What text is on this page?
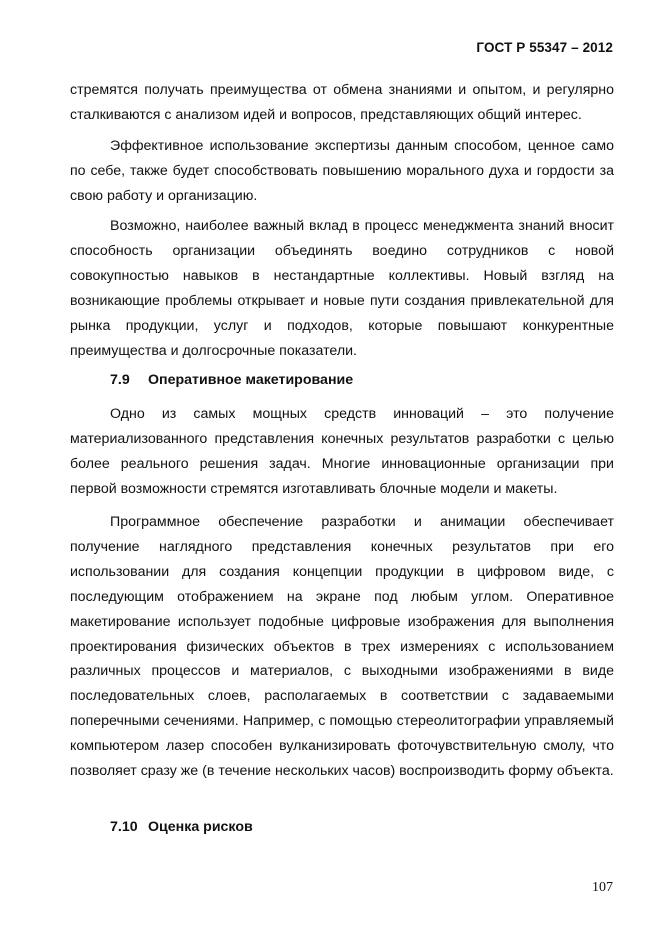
ГОСТ Р 55347 – 2012

стремятся получать преимущества от обмена знаниями и опытом, и регулярно сталкиваются с анализом идей и вопросов, представляющих общий интерес.

Эффективное использование экспертизы данным способом, ценное само по себе, также будет способствовать повышению морального духа и гордости за свою работу и организацию.

Возможно, наиболее важный вклад в процесс менеджмента знаний вносит способность организации объединять воедино сотрудников с новой совокупностью навыков в нестандартные коллективы. Новый взгляд на возникающие проблемы открывает и новые пути создания привлекательной для рынка продукции, услуг и подходов, которые повышают конкурентные преимущества и долгосрочные показатели.

7.9 Оперативное макетирование

Одно из самых мощных средств инноваций – это получение материализованного представления конечных результатов разработки с целью более реального решения задач. Многие инновационные организации при первой возможности стремятся изготавливать блочные модели и макеты.

Программное обеспечение разработки и анимации обеспечивает получение наглядного представления конечных результатов при его использовании для создания концепции продукции в цифровом виде, с последующим отображением на экране под любым углом. Оперативное макетирование использует подобные цифровые изображения для выполнения проектирования физических объектов в трех измерениях с использованием различных процессов и материалов, с выходными изображениями в виде последовательных слоев, располагаемых в соответствии с задаваемыми поперечными сечениями. Например, с помощью стереолитографии управляемый компьютером лазер способен вулканизировать фоточувствительную смолу, что позволяет сразу же (в течение нескольких часов) воспроизводить форму объекта.

7.10 Оценка рисков
107
